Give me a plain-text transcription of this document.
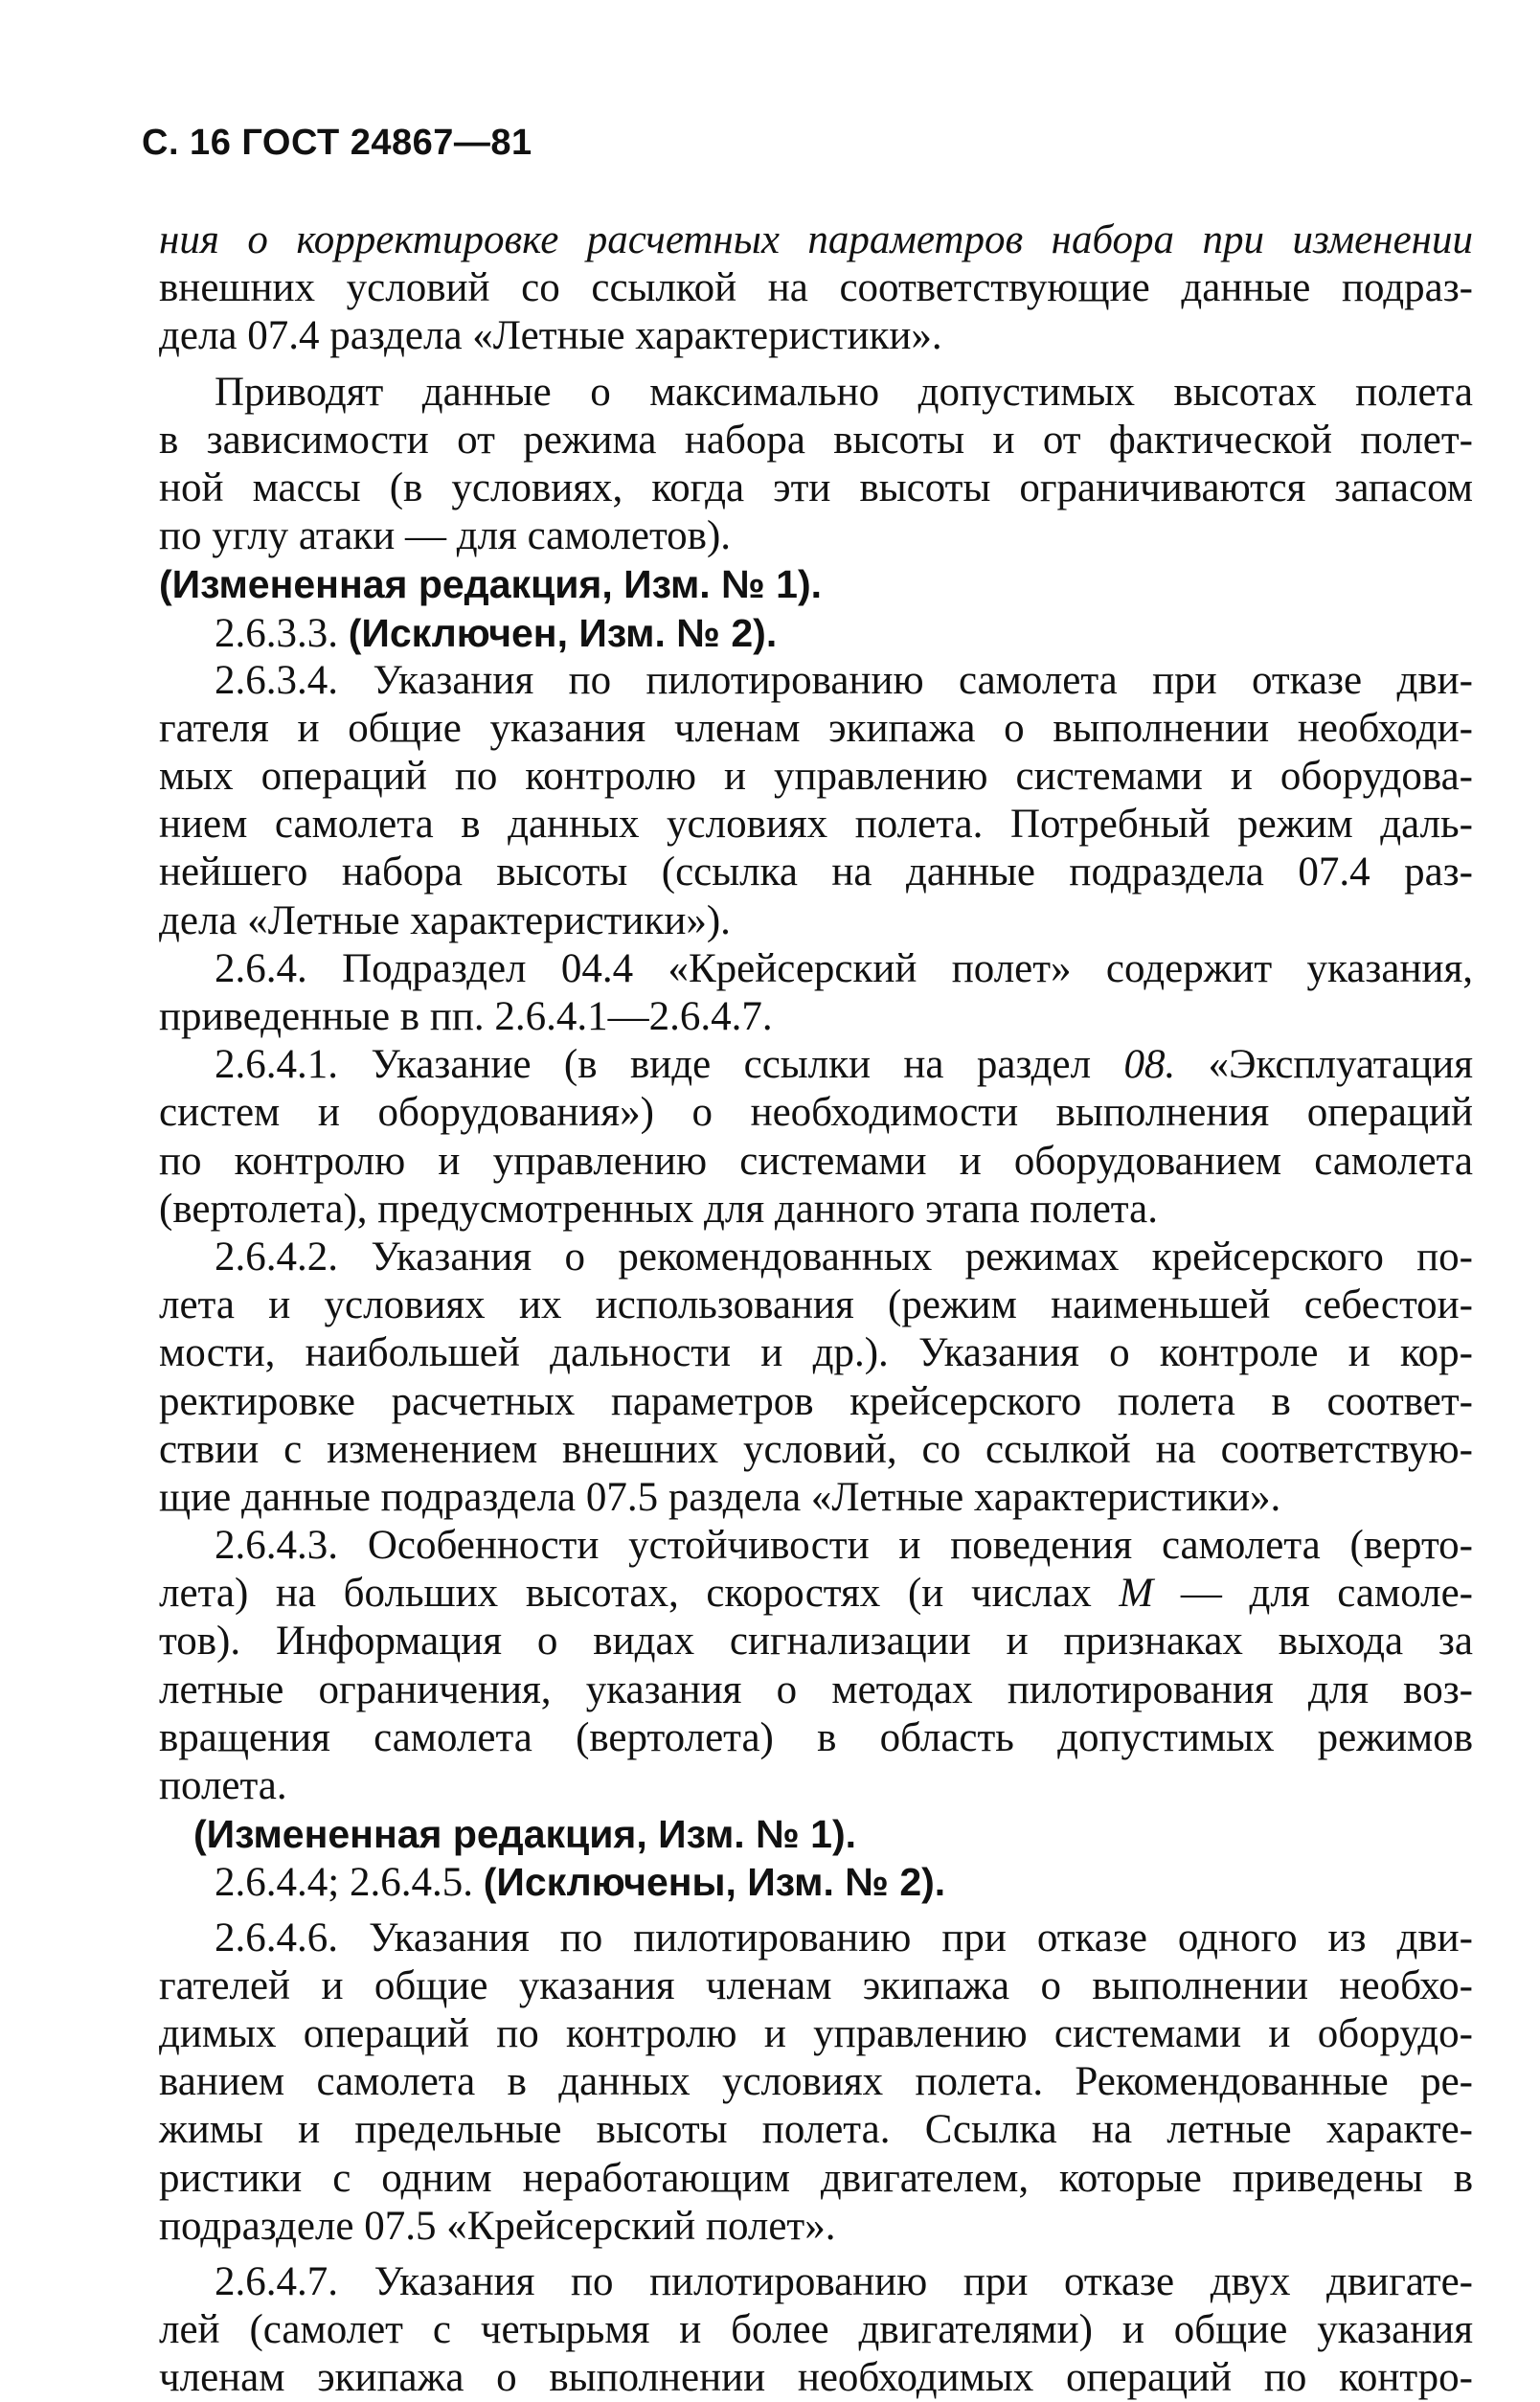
С. 16 ГОСТ 24867—81
ния о корректировке расчетных параметров набора при изменении
внешних условий со ссылкой на соответствующие данные подраз-
дела 07.4 раздела «Летные характеристики».
Приводят данные о максимально допустимых высотах полета
в зависимости от режима набора высоты и от фактической полет-
ной массы (в условиях, когда эти высоты ограничиваются запасом
по углу атаки — для самолетов).
(Измененная редакция, Изм. № 1).
2.6.3.3. (Исключен, Изм. № 2).
2.6.3.4. Указания по пилотированию самолета при отказе дви-
гателя и общие указания членам экипажа о выполнении необходи-
мых операций по контролю и управлению системами и оборудова-
нием самолета в данных условиях полета. Потребный режим даль-
нейшего набора высоты (ссылка на данные подраздела 07.4 раз-
дела «Летные характеристики»).
2.6.4. Подраздел 04.4 «Крейсерский полет» содержит указания,
приведенные в пп. 2.6.4.1—2.6.4.7.
2.6.4.1. Указание (в виде ссылки на раздел 08. «Эксплуатация
систем и оборудования») о необходимости выполнения операций
по контролю и управлению системами и оборудованием самолета
(вертолета), предусмотренных для данного этапа полета.
2.6.4.2. Указания о рекомендованных режимах крейсерского по-
лета и условиях их использования (режим наименьшей себестои-
мости, наибольшей дальности и др.). Указания о контроле и кор-
ректировке расчетных параметров крейсерского полета в соответ-
ствии с изменением внешних условий, со ссылкой на соответствую-
щие данные подраздела 07.5 раздела «Летные характеристики».
2.6.4.3. Особенности устойчивости и поведения самолета (верто-
лета) на больших высотах, скоростях (и числах М — для самоле-
тов). Информация о видах сигнализации и признаках выхода за
летные ограничения, указания о методах пилотирования для воз-
вращения самолета (вертолета) в область допустимых режимов
полета.
(Измененная редакция, Изм. № 1).
2.6.4.4; 2.6.4.5. (Исключены, Изм. № 2).
2.6.4.6. Указания по пилотированию при отказе одного из дви-
гателей и общие указания членам экипажа о выполнении необхо-
димых операций по контролю и управлению системами и оборудо-
ванием самолета в данных условиях полета. Рекомендованные ре-
жимы и предельные высоты полета. Ссылка на летные характе-
ристики с одним неработающим двигателем, которые приведены в
подразделе 07.5 «Крейсерский полет».
2.6.4.7. Указания по пилотированию при отказе двух двигате-
лей (самолет с четырьмя и более двигателями) и общие указания
членам экипажа о выполнении необходимых операций по контро-
